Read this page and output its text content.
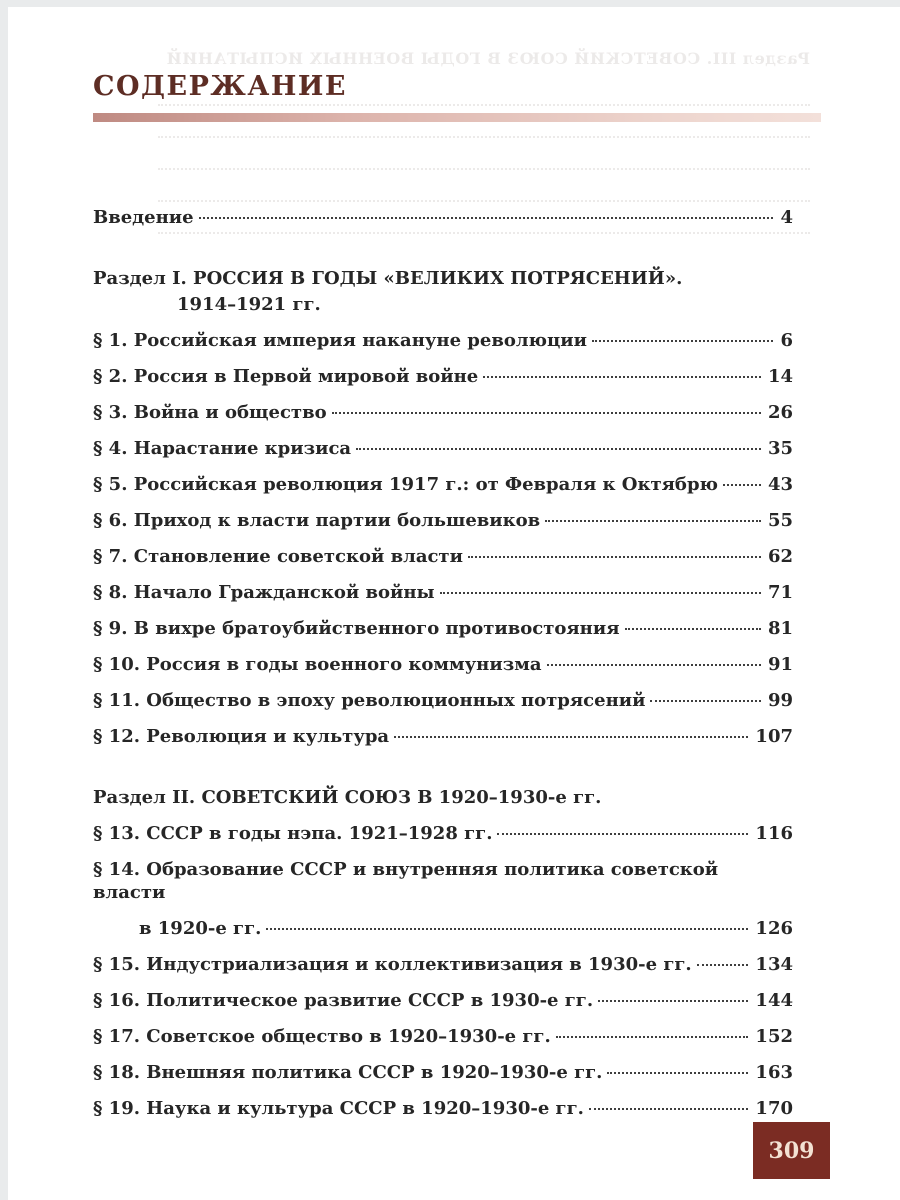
Раздел III. СОВЕТСКИЙ СОЮЗ В ГОДЫ ВОЕННЫХ ИСПЫТАНИЙ
СОДЕРЖАНИЕ
Введение	4
Раздел I. РОССИЯ В ГОДЫ «ВЕЛИКИХ ПОТРЯСЕНИЙ».
1914–1921 гг.
§ 1. Российская империя накануне революции	6
§ 2. Россия в Первой мировой войне	14
§ 3. Война и общество	26
§ 4. Нарастание кризиса	35
§ 5. Российская революция 1917 г.: от Февраля к Октябрю	43
§ 6. Приход к власти партии большевиков	55
§ 7. Становление советской власти	62
§ 8. Начало Гражданской войны	71
§ 9. В вихре братоубийственного противостояния	81
§ 10. Россия в годы военного коммунизма	91
§ 11. Общество в эпоху революционных потрясений	99
§ 12. Революция и культура	107
Раздел II. СОВЕТСКИЙ СОЮЗ В 1920–1930-е гг.
§ 13. СССР в годы нэпа. 1921–1928 гг.	116
§ 14. Образование СССР и внутренняя политика советской власти
в 1920-е гг.	126
§ 15. Индустриализация и коллективизация в 1930-е гг.	134
§ 16. Политическое развитие СССР в 1930-е гг.	144
§ 17. Советское общество в 1920–1930-е гг.	152
§ 18. Внешняя политика СССР в 1920–1930-е гг.	163
§ 19. Наука и культура СССР в 1920–1930-е гг.	170
309
